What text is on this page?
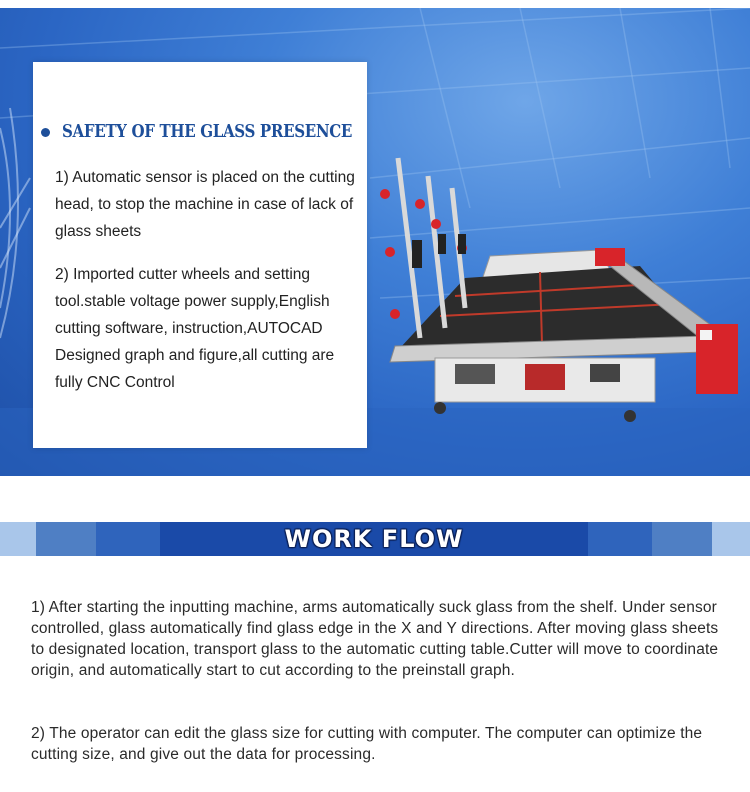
SAFETY OF THE GLASS PRESENCE
1) Automatic sensor is placed on the cutting head, to stop the machine in case of lack of glass sheets
2) Imported cutter wheels and setting tool.stable voltage power supply,English cutting software, instruction,AUTOCAD Designed graph and figure,all cutting are fully CNC Control
WORK FLOW
1) After starting the inputting machine, arms automatically suck glass from the shelf. Under sensor controlled, glass automatically find glass edge in the X and Y directions. After moving glass sheets to designated location, transport glass to the automatic cutting table.Cutter will move to coordinate origin, and automatically start to cut according to the preinstall graph.
2) The operator can edit the glass size for cutting with computer. The computer can optimize the cutting size, and give out the data for processing.
